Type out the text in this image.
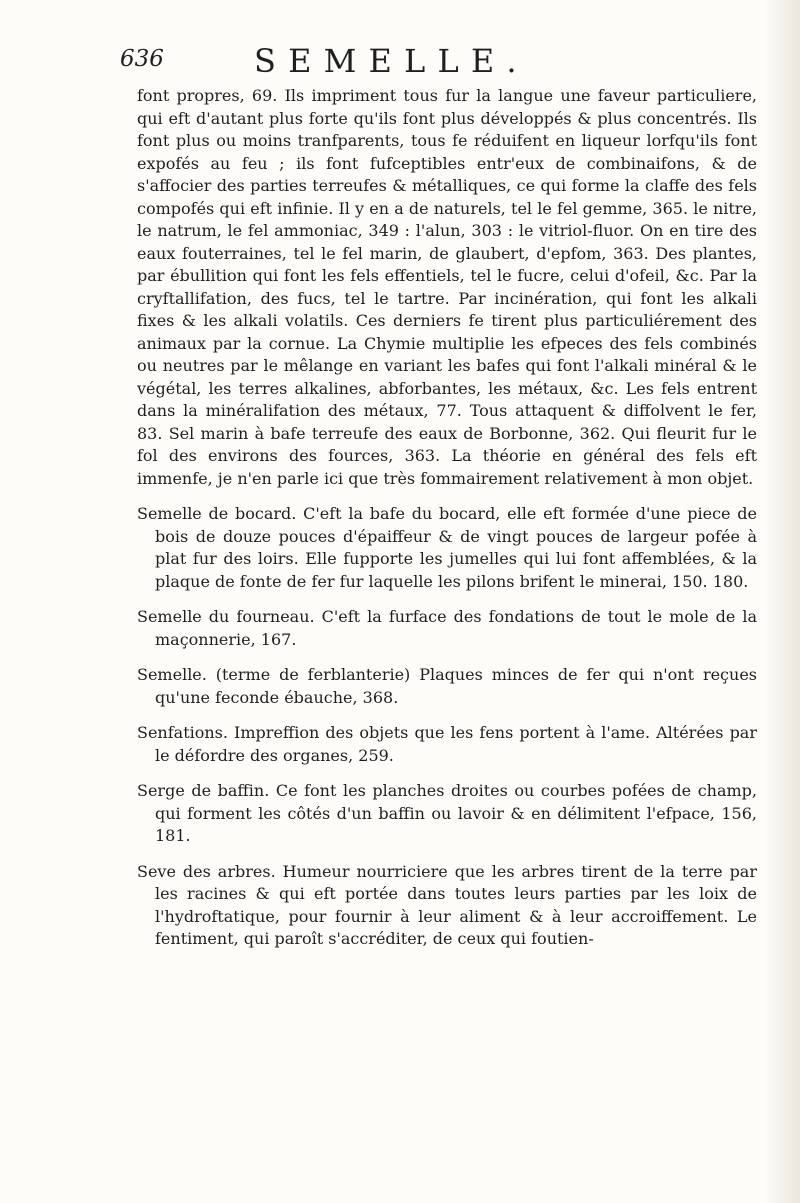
636	SEMELLE.

font propres, 69. Ils impriment tous fur la langue une faveur particuliere, qui eft d'autant plus forte qu'ils font plus développés & plus concentrés. Ils font plus ou moins tranfparents, tous fe réduifent en liqueur lorfqu'ils font expofés au feu ; ils font fufceptibles entr'eux de combinaifons, & de s'affocier des parties terreufes & métalliques, ce qui forme la claffe des fels compofés qui eft infinie. Il y en a de naturels, tel le fel gemme, 365. le nitre, le natrum, le fel ammoniac, 349 : l'alun, 303 : le vitriol-fluor. On en tire des eaux fouterraines, tel le fel marin, de glaubert, d'epfom, 363. Des plantes, par ébullition qui font les fels effentiels, tel le fucre, celui d'ofeil, &c. Par la cryftallifation, des fucs, tel le tartre. Par incinération, qui font les alkali fixes & les alkali volatils. Ces derniers fe tirent plus particuliérement des animaux par la cornue. La Chymie multiplie les efpeces des fels combinés ou neutres par le mêlange en variant les bafes qui font l'alkali minéral & le végétal, les terres alkalines, abforbantes, les métaux, &c. Les fels entrent dans la minéralifation des métaux, 77. Tous attaquent & diffolvent le fer, 83. Sel marin à bafe terreufe des eaux de Borbonne, 362. Qui fleurit fur le fol des environs des fources, 363. La théorie en général des fels eft immenfe, je n'en parle ici que très fommairement relativement à mon objet.

Semelle de bocard. C'eft la bafe du bocard, elle eft formée d'une piece de bois de douze pouces d'épaiffeur & de vingt pouces de largeur pofée à plat fur des loirs. Elle fupporte les jumelles qui lui font affemblées, & la plaque de fonte de fer fur laquelle les pilons brifent le minerai, 150. 180.

Semelle du fourneau. C'eft la furface des fondations de tout le mole de la maçonnerie, 167.

Semelle. (terme de ferblanterie) Plaques minces de fer qui n'ont reçues qu'une feconde ébauche, 368.

Senfations. Impreffion des objets que les fens portent à l'ame. Altérées par le défordre des organes, 259.

Serge de baffin. Ce font les planches droites ou courbes pofées de champ, qui forment les côtés d'un baffin ou lavoir & en délimitent l'efpace, 156, 181.

Seve des arbres. Humeur nourriciere que les arbres tirent de la terre par les racines & qui eft portée dans toutes leurs parties par les loix de l'hydroftatique, pour fournir à leur aliment & à leur accroiffement. Le fentiment, qui paroît s'accréditer, de ceux qui foutien-
